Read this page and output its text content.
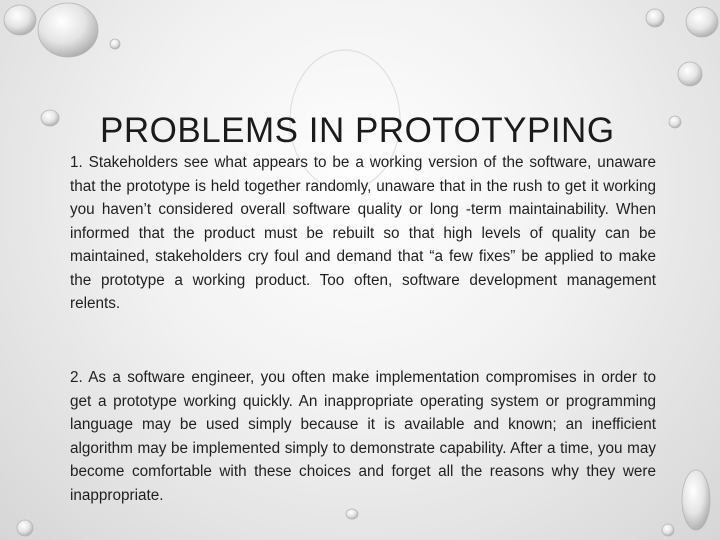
PROBLEMS IN PROTOTYPING

1. Stakeholders see what appears to be a working version of the software, unaware that the prototype is held together randomly, unaware that in the rush to get it working you haven’t considered overall software quality or long -term maintainability. When informed that the product must be rebuilt so that high levels of quality can be maintained, stakeholders cry foul and demand that “a few fixes” be applied to make the prototype a working product. Too often, software development management relents.

2. As a software engineer, you often make implementation compromises in order to get a prototype working quickly. An inappropriate operating system or programming language may be used simply because it is available and known; an inefficient algorithm may be implemented simply to demonstrate capability. After a time, you may become comfortable with these choices and forget all the reasons why they were inappropriate.
